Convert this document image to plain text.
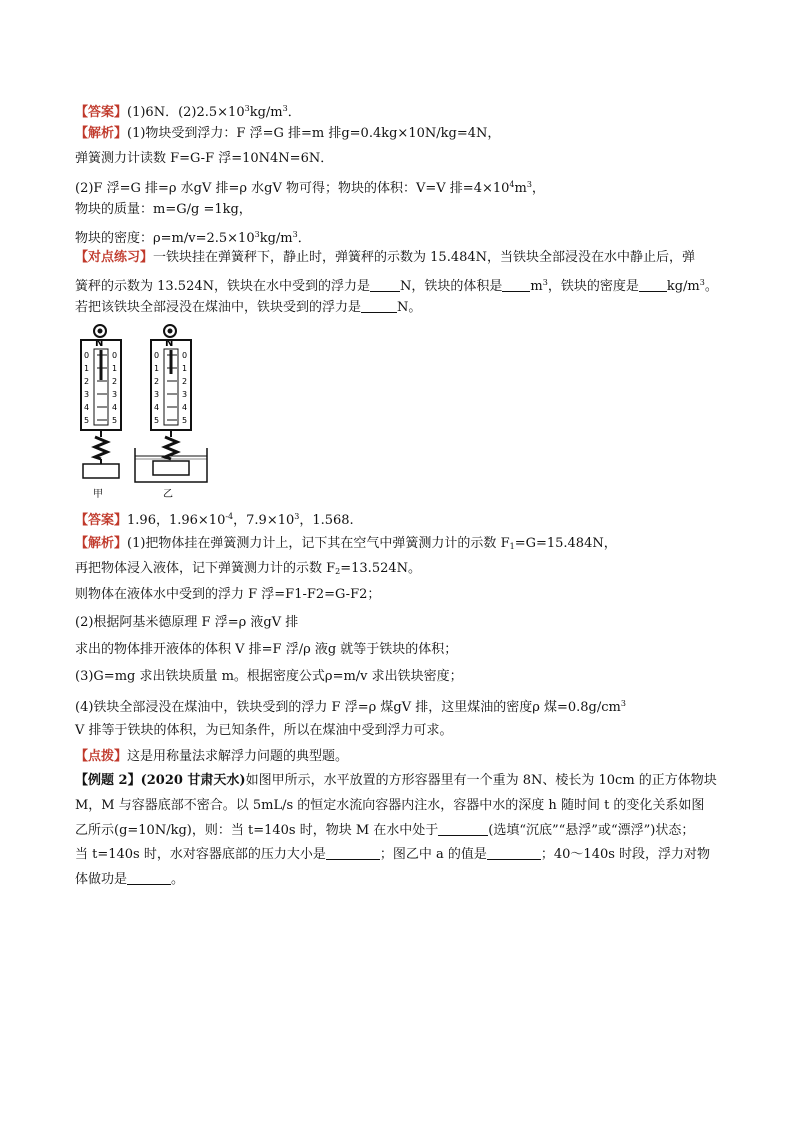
【答案】(1)6N．$(2)2.5\times 10^3kg/m^3$．
【解析】(1)物块受到浮力：F 浮=G 排=m 排g=0.4kg×10N/kg=4N，
弹簧测力计读数 F=G-F 浮=10N4N=6N．
(2)F 浮=G 排=ρ 水gV 排=ρ 水gV 物可得；物块的体积：V=V 排$=4\times 10^4m^3$，
物块的质量：m=G/g =1kg，
物块的密度：$\rho=m/v=2.5\times 10^3kg/m^3$．
【对点练习】一铁块挂在弹簧秤下，静止时，弹簧秤的示数为 15.484N，当铁块全部浸没在水中静止后，弹
簧秤的示数为 13.524N，铁块在水中受到的浮力是 N，铁块的体积是 $m^3$，铁块的密度是 $kg/m^3$。
若把该铁块全部浸没在煤油中，铁块受到的浮力是	N。
N
0	0
1	1
2	2
3	3
4	4
5	5
甲
N
0	0
1	1
2	2
3	3
4	4
5	5
乙
【答案】1.96，$1.96\times 10^{-4}$，$7.9\times 10^3$，1.568.
【解析】(1)把物体挂在弹簧测力计上，记下其在空气中弹簧测力计的示数 $F_1=G=15.484N$，
再把物体浸入液体，记下弹簧测力计的示数 $F_2=13.524N$。
则物体在液体水中受到的浮力 F 浮=F1-F2=G-F2；
(2)根据阿基米德原理 F 浮=ρ 液gV 排
求出的物体排开液体的体积 V 排=F 浮/ρ 液g 就等于铁块的体积；
(3)G=mg 求出铁块质量 m。根据密度公式ρ=m/v 求出铁块密度；
(4)铁块全部浸没在煤油中，铁块受到的浮力 F 浮=ρ 煤gV 排，这里煤油的密度ρ 煤$=0.8g/cm^3$
V 排等于铁块的体积，为已知条件，所以在煤油中受到浮力可求。
【点拨】这是用称量法求解浮力问题的典型题。
【例题 2】(2020 甘肃天水)如图甲所示，水平放置的方形容器里有一个重为 8N、棱长为 10cm 的正方体物块
M，M 与容器底部不密合。以 5mL/s 的恒定水流向容器内注水，容器中水的深度 h 随时间 t 的变化关系如图
乙所示(g=10N/kg)，则：当 t=140s 时，物块 M 在水中处于	(选填“沉底”“悬浮”或“漂浮”)状态；
当 t=140s 时，水对容器底部的压力大小是	；图乙中 a 的值是	；40～140s 时段，浮力对物
体做功是	。
